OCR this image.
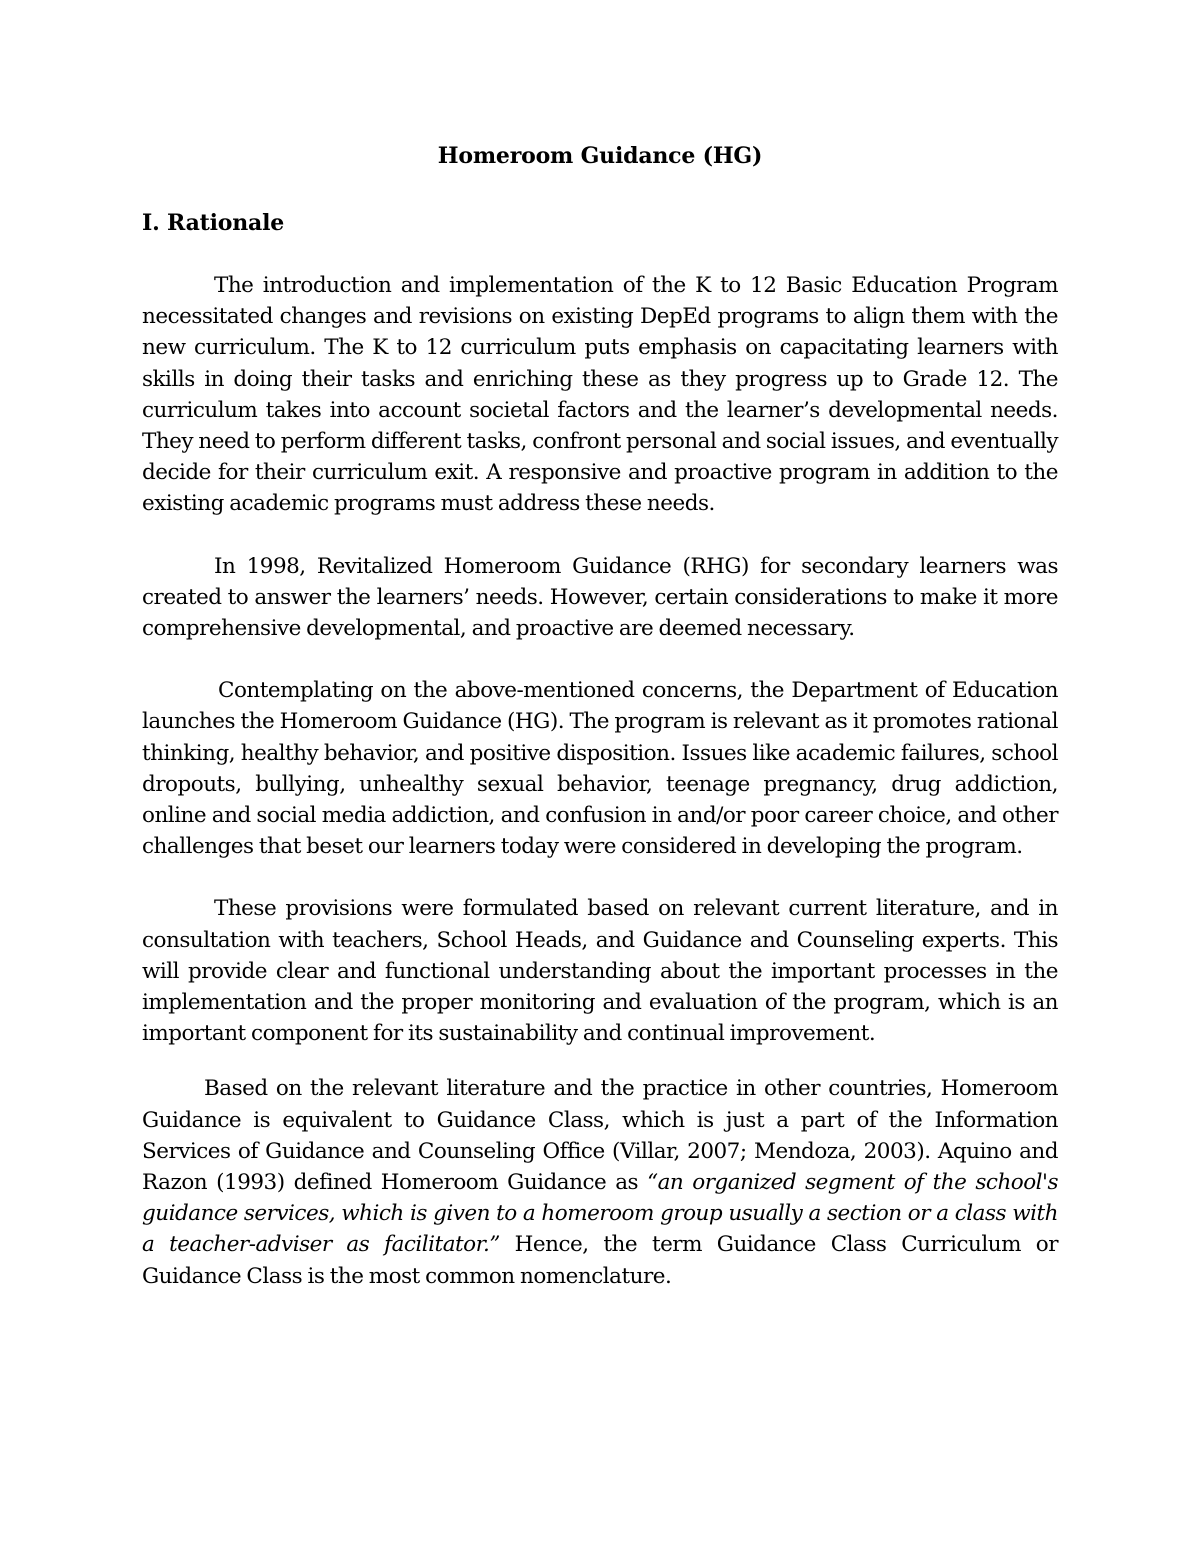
Homeroom Guidance (HG)
I. Rationale

The introduction and implementation of the K to 12 Basic Education Program necessitated changes and revisions on existing DepEd programs to align them with the new curriculum. The K to 12 curriculum puts emphasis on capacitating learners with skills in doing their tasks and enriching these as they progress up to Grade 12. The curriculum takes into account societal factors and the learner’s developmental needs. They need to perform different tasks, confront personal and social issues, and eventually decide for their curriculum exit. A responsive and proactive program in addition to the existing academic programs must address these needs.

In 1998, Revitalized Homeroom Guidance (RHG) for secondary learners was created to answer the learners’ needs. However, certain considerations to make it more comprehensive developmental, and proactive are deemed necessary.

Contemplating on the above-mentioned concerns, the Department of Education launches the Homeroom Guidance (HG). The program is relevant as it promotes rational thinking, healthy behavior, and positive disposition. Issues like academic failures, school dropouts, bullying, unhealthy sexual behavior, teenage pregnancy, drug addiction, online and social media addiction, and confusion in and/or poor career choice, and other challenges that beset our learners today were considered in developing the program.

These provisions were formulated based on relevant current literature, and in consultation with teachers, School Heads, and Guidance and Counseling experts. This will provide clear and functional understanding about the important processes in the implementation and the proper monitoring and evaluation of the program, which is an important component for its sustainability and continual improvement.

Based on the relevant literature and the practice in other countries, Homeroom Guidance is equivalent to Guidance Class, which is just a part of the Information Services of Guidance and Counseling Office (Villar, 2007; Mendoza, 2003). Aquino and Razon (1993) defined Homeroom Guidance as “an organized segment of the school's guidance services, which is given to a homeroom group usually a section or a class with a teacher-adviser as facilitator.” Hence, the term Guidance Class Curriculum or Guidance Class is the most common nomenclature.
